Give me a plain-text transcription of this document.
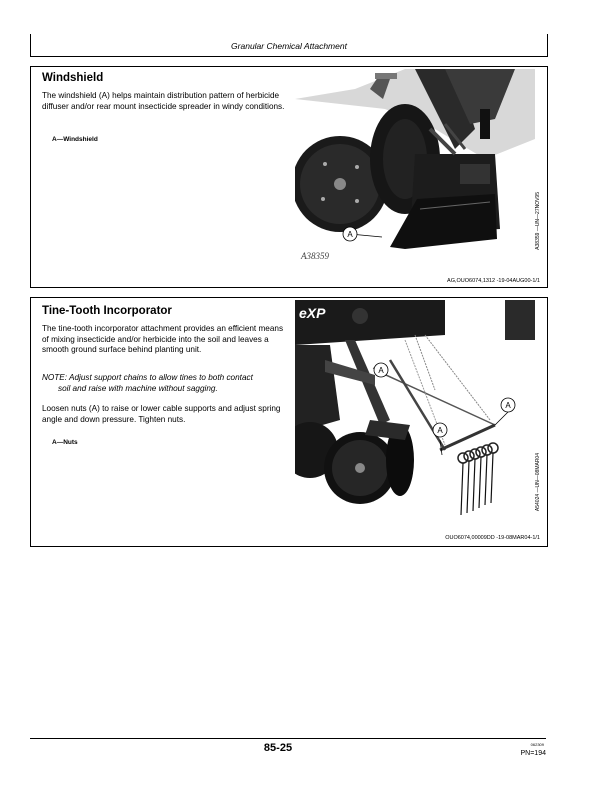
Granular Chemical Attachment
Windshield
The windshield (A) helps maintain distribution pattern of herbicide diffuser and/or rear mount insecticide spreader in windy conditions.
A—Windshield
A
A38359
A38359 —UN—27NOV95
AG,OUO6074,1312 -19-04AUG00-1/1
Tine-Tooth Incorporator
The tine-tooth incorporator attachment provides an efficient means of mixing insecticide and/or herbicide into the soil and leaves a smooth ground surface behind planting unit.
NOTE: Adjust support chains to allow tines to both contact
soil and raise with machine without sagging.
Loosen nuts (A) to raise or lower cable supports and adjust spring angle and down pressure. Tighten nuts.
A—Nuts
eXP
A
A
A
A54024 —UN—08MAR04
OUO6074,00009DD -19-08MAR04-1/1
85-25	062309
PN=194
